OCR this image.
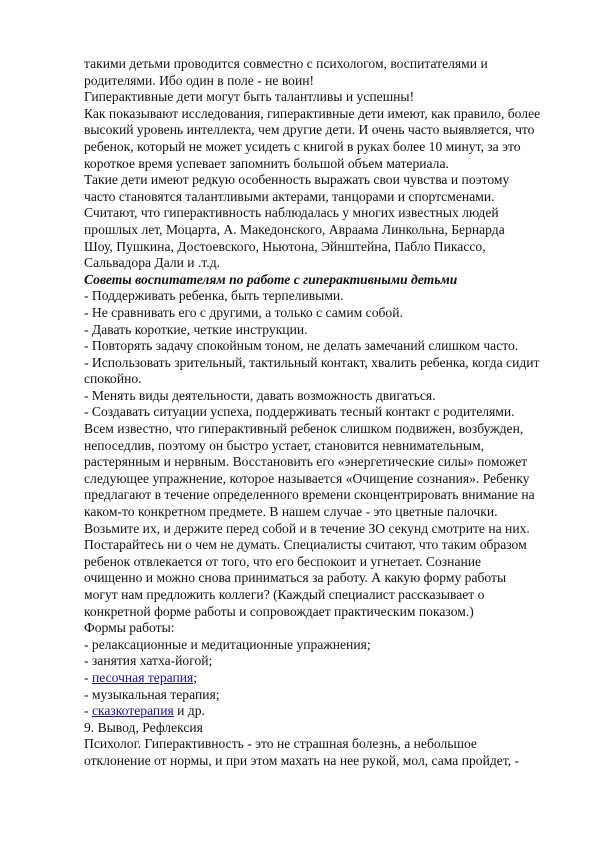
такими детьми проводится совместно с психологом, воспитателями и
родителями. Ибо один в поле - не воин!
Гиперактивные дети могут быть талантливы и успешны!
Как показывают исследования, гиперактивные дети имеют, как правило, более
высокий уровень интеллекта, чем другие дети. И очень часто выявляется, что
ребенок, который не может усидеть с книгой в руках более 10 минут, за это
короткое время успевает запомнить большой объем материала.
Такие дети имеют редкую особенность выражать свои чувства и поэтому
часто становятся талантливыми актерами, танцорами и спортсменами.
Считают, что гиперактивность наблюдалась у многих известных людей
прошлых лет, Моцарта, А. Македонского, Авраама Линкольна, Бернарда
Шоу, Пушкина, Достоевского, Ньютона, Эйнштейна, Пабло Пикассо,
Сальвадора Дали и .т.д.
Советы воспитателям по работе с гиперактивными детьми
- Поддерживать ребенка, быть терпеливыми.
- Не сравнивать его с другими, а только с самим собой.
- Давать короткие, четкие инструкции.
- Повторять задачу спокойным тоном, не делать замечаний слишком часто.
- Использовать зрительный, тактильный контакт, хвалить ребенка, когда сидит
спокойно.
- Менять виды деятельности, давать возможность двигаться.
- Создавать ситуации успеха, поддерживать тесный контакт с родителями.
Всем известно, что гиперактивный ребенок слишком подвижен, возбужден,
непоседлив, поэтому он быстро устает, становится невнимательным,
растерянным и нервным. Восстановить его «энергетические силы» поможет
следующее упражнение, которое называется «Очищение сознания». Ребенку
предлагают в течение определенного времени сконцентрировать внимание на
каком-то конкретном предмете. В нашем случае - это цветные палочки.
Возьмите их, и держите перед собой и в течение ЗО секунд смотрите на них.
Постарайтесь ни о чем не думать. Специалисты считают, что таким образом
ребенок отвлекается от того, что его беспокоит и угнетает. Сознание
очищенно и можно снова приниматься за работу. А какую форму работы
могут нам предложить коллеги? (Каждый специалист рассказывает о
конкретной форме работы и сопровождает практическим показом.)
Формы работы:
- релаксационные и медитационные упражнения;
- занятия хатха-йогой;
- песочная терапия;
- музыкальная терапия;
- сказкотерапия и др.
9. Вывод, Рефлексия
Психолог. Гиперактивность - это не страшная болезнь, а небольшое
отклонение от нормы, и при этом махать на нее рукой, мол, сама пройдет, -
